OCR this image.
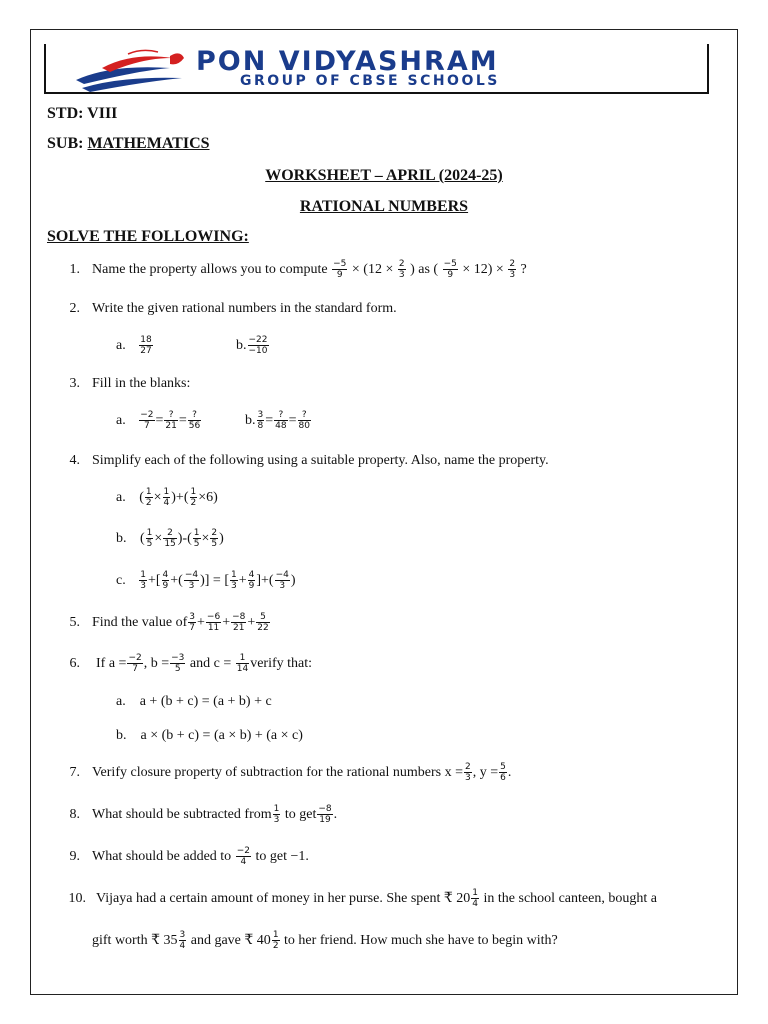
PON VIDYASHRAM
GROUP OF CBSE SCHOOLS
STD: VIII
SUB: MATHEMATICS
WORKSHEET – APRIL (2024-25)
RATIONAL NUMBERS
SOLVE THE FOLLOWING:
1. Name the property allows you to compute $\frac{-5}{9} \times (12 \times \frac{2}{3}$ ) as ( $\frac{-5}{9} \times 12) \times \frac{2}{3}$ ?
2. Write the given rational numbers in the standard form.
a. $\frac{18}{27}$	b. $\frac{-22}{-10}$
3. Fill in the blanks:
a. $\frac{-2}{7}$ = ?
21 = ?
56	b. $\frac{3}{8}$ = ?
48 = ?
80
4. Simplify each of the following using a suitable property. Also, name the property.
a. ( $\frac{1}{2} \times \frac{1}{4}$ )+( $\frac{1}{2} \times 6$)
b. ( $\frac{1}{5} \times \frac{2}{15}$ )-( $\frac{1}{5} \times \frac{2}{5}$ )
c. $\frac{1}{3}$ +[ $\frac{4}{9}$ +( $\frac{-4}{3}$ )] = [ $\frac{1}{3} + \frac{4}{9}$ ]+( $\frac{-4}{3}$ )
5. Find the value of $\frac{3}{7} + \frac{-6}{11} + \frac{-8}{21} + \frac{5}{22}$
6. If $a = \frac{-2}{7}$ , $b = \frac{-3}{5}$ and $c = \frac{1}{14}$ verify that:
a. a + (b + c) = (a + b) + c
b. a × (b + c) = (a × b) + (a × c)
7. Verify closure property of subtraction for the rational numbers $x = \frac{2}{3}$ , $y = \frac{5}{6}$ .
8. What should be subtracted from $\frac{1}{3}$ to get $\frac{-8}{19}$ .
9. What should be added to $\frac{-2}{4}$ to get −1.
10. Vijaya had a certain amount of money in her purse. She spent ₹ $20 \frac{1}{4}$ in the school canteen, bought a
gift worth ₹ $35 \frac{3}{4}$ and gave ₹ $40 \frac{1}{2}$ to her friend. How much she have to begin with?
